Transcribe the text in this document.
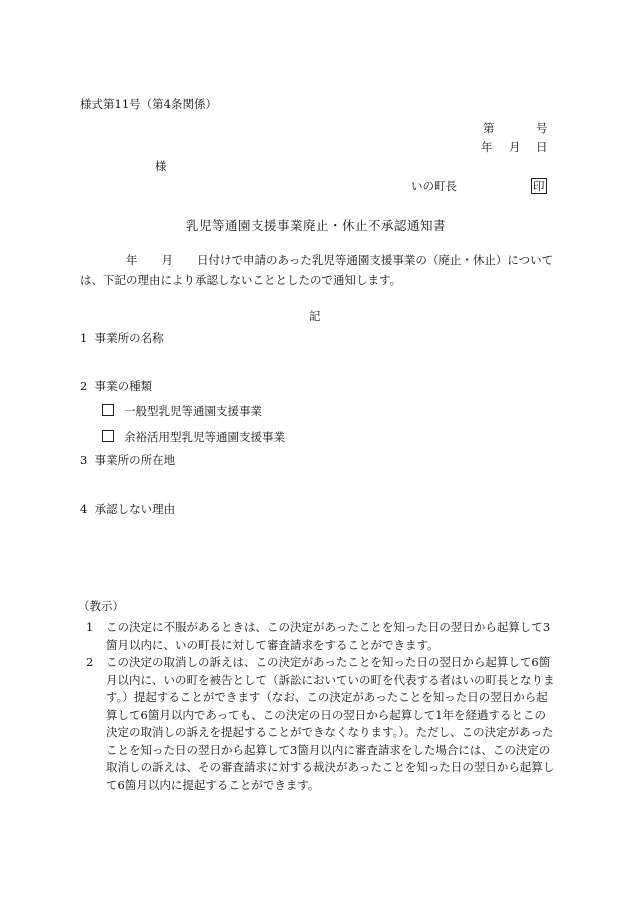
様式第11号（第4条関係）
第	号
年 月 日
様
いの町長	印
乳児等通園支援事業廃止・休止不承認通知書
年 月 日付けで申請のあった乳児等通園支援事業の（廃止・休止）については、下記の理由により承認しないこととしたので通知します。
記
1 事業所の名称
2 事業の種類
一般型乳児等通園支援事業
余裕活用型乳児等通園支援事業
3 事業所の所在地
4 承認しない理由
（教示）
1 この決定に不服があるときは、この決定があったことを知った日の翌日から起算して3箇月以内に、いの町長に対して審査請求をすることができます。
2 この決定の取消しの訴えは、この決定があったことを知った日の翌日から起算して6箇月以内に、いの町を被告として（訴訟においていの町を代表する者はいの町長となります。）提起することができます（なお、この決定があったことを知った日の翌日から起算して6箇月以内であっても、この決定の日の翌日から起算して1年を経過するとこの決定の取消しの訴えを提起することができなくなります。）。ただし、この決定があったことを知った日の翌日から起算して3箇月以内に審査請求をした場合には、この決定の取消しの訴えは、その審査請求に対する裁決があったことを知った日の翌日から起算して6箇月以内に提起することができます。
